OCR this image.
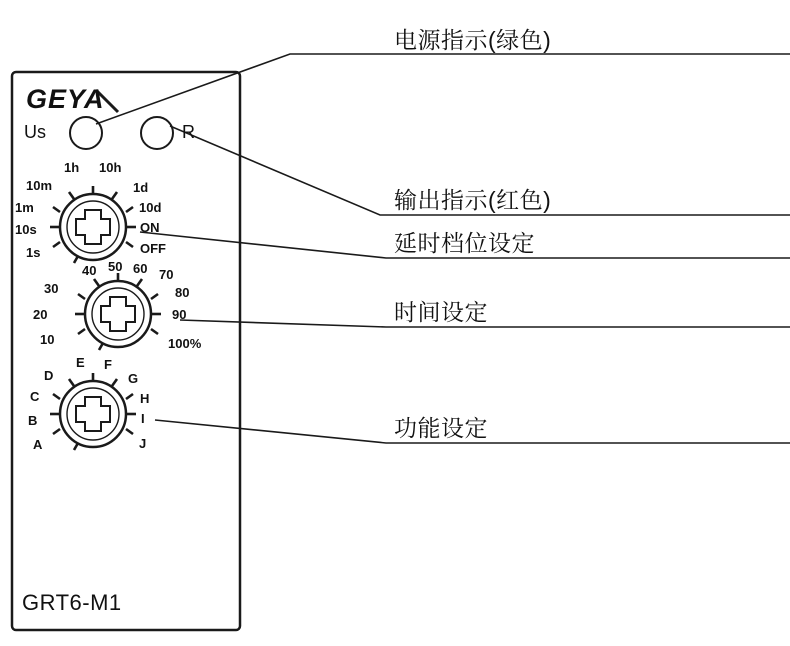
GEYA
Us	R
GRT6-M1
1h 10h
10m	1d
1m	10d
10s	ON
1s	OFF
40 50 60 70
30	80
20	90
10	100%
E F
D	G
C	H
B	I
A	J
电源指示(绿色)
输出指示(红色)
延时档位设定
时间设定
功能设定
